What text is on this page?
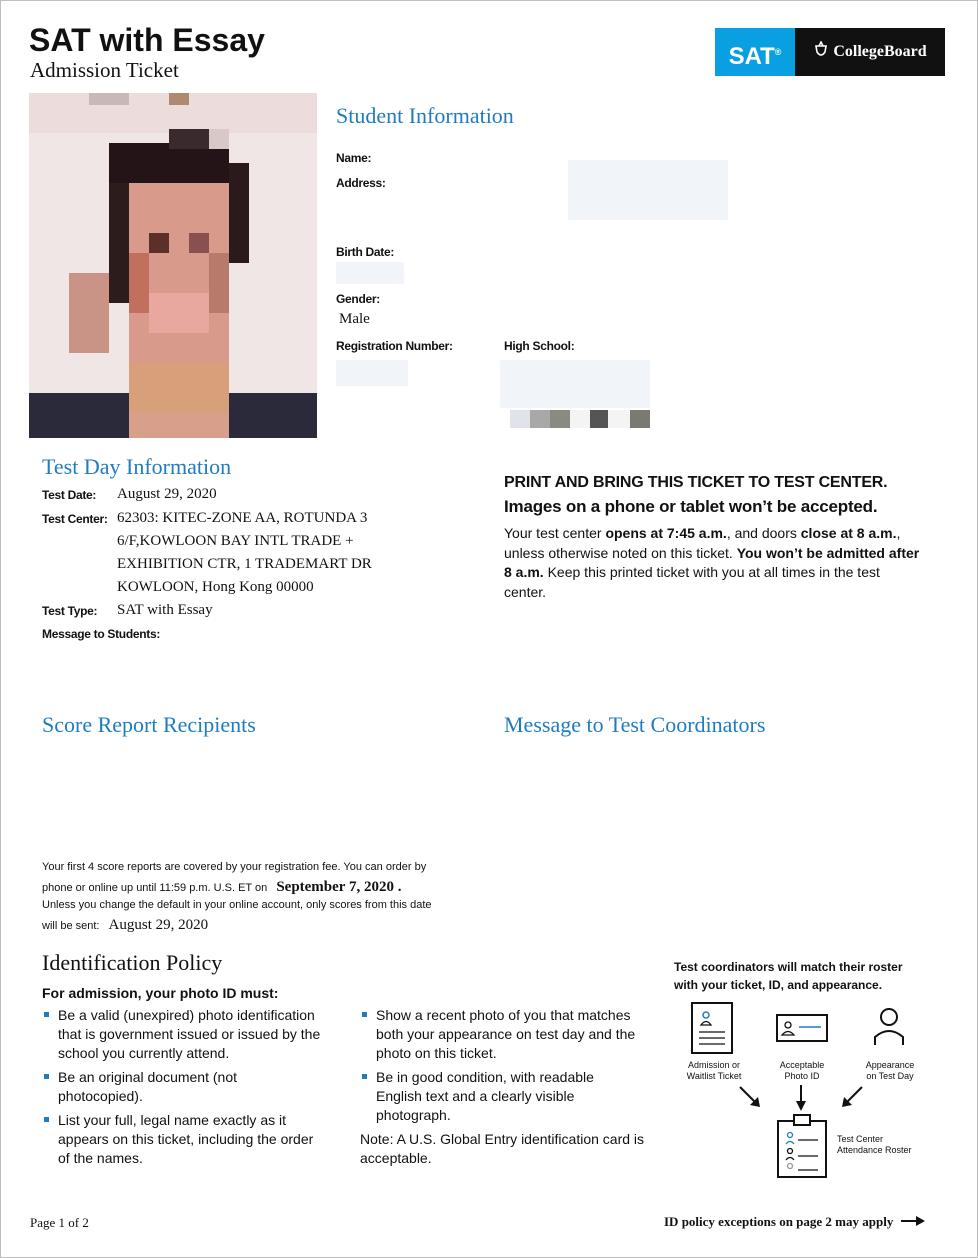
SAT with Essay
Admission Ticket	SAT®	CollegeBoard
Student Information
Name:
Address:
Birth Date:
Gender:
Male
Registration Number:	High School:
Test Day Information
Test Date: August 29, 2020
Test Center: 62303: KITEC-ZONE AA, ROTUNDA 3
6/F,KOWLOON BAY INTL TRADE +
EXHIBITION CTR, 1 TRADEMART DR
KOWLOON, Hong Kong 00000
Test Type: SAT with Essay
Message to Students:
PRINT AND BRING THIS TICKET TO TEST CENTER.
Images on a phone or tablet won’t be accepted.
Your test center opens at 7:45 a.m., and doors close at 8 a.m., unless otherwise noted on this ticket. You won’t be admitted after 8 a.m. Keep this printed ticket with you at all times in the test center.
Score Report Recipients	Message to Test Coordinators
Your first 4 score reports are covered by your registration fee. You can order by
phone or online up until 11:59 p.m. U.S. ET on September 7, 2020 .
Unless you change the default in your online account, only scores from this date
will be sent: August 29, 2020
Identification Policy
For admission, your photo ID must:
Be a valid (unexpired) photo identification that is government issued or issued by the school you currently attend.
Be an original document (not photocopied).
List your full, legal name exactly as it appears on this ticket, including the order of the names.
Show a recent photo of you that matches both your appearance on test day and the photo on this ticket.
Be in good condition, with readable English text and a clearly visible photograph.
Note: A U.S. Global Entry identification card is acceptable.
Test coordinators will match their roster
with your ticket, ID, and appearance.
Admission or
Waitlist Ticket
Acceptable
Photo ID
Appearance
on Test Day
Test Center
Attendance Roster
Page 1 of 2	ID policy exceptions on page 2 may apply
